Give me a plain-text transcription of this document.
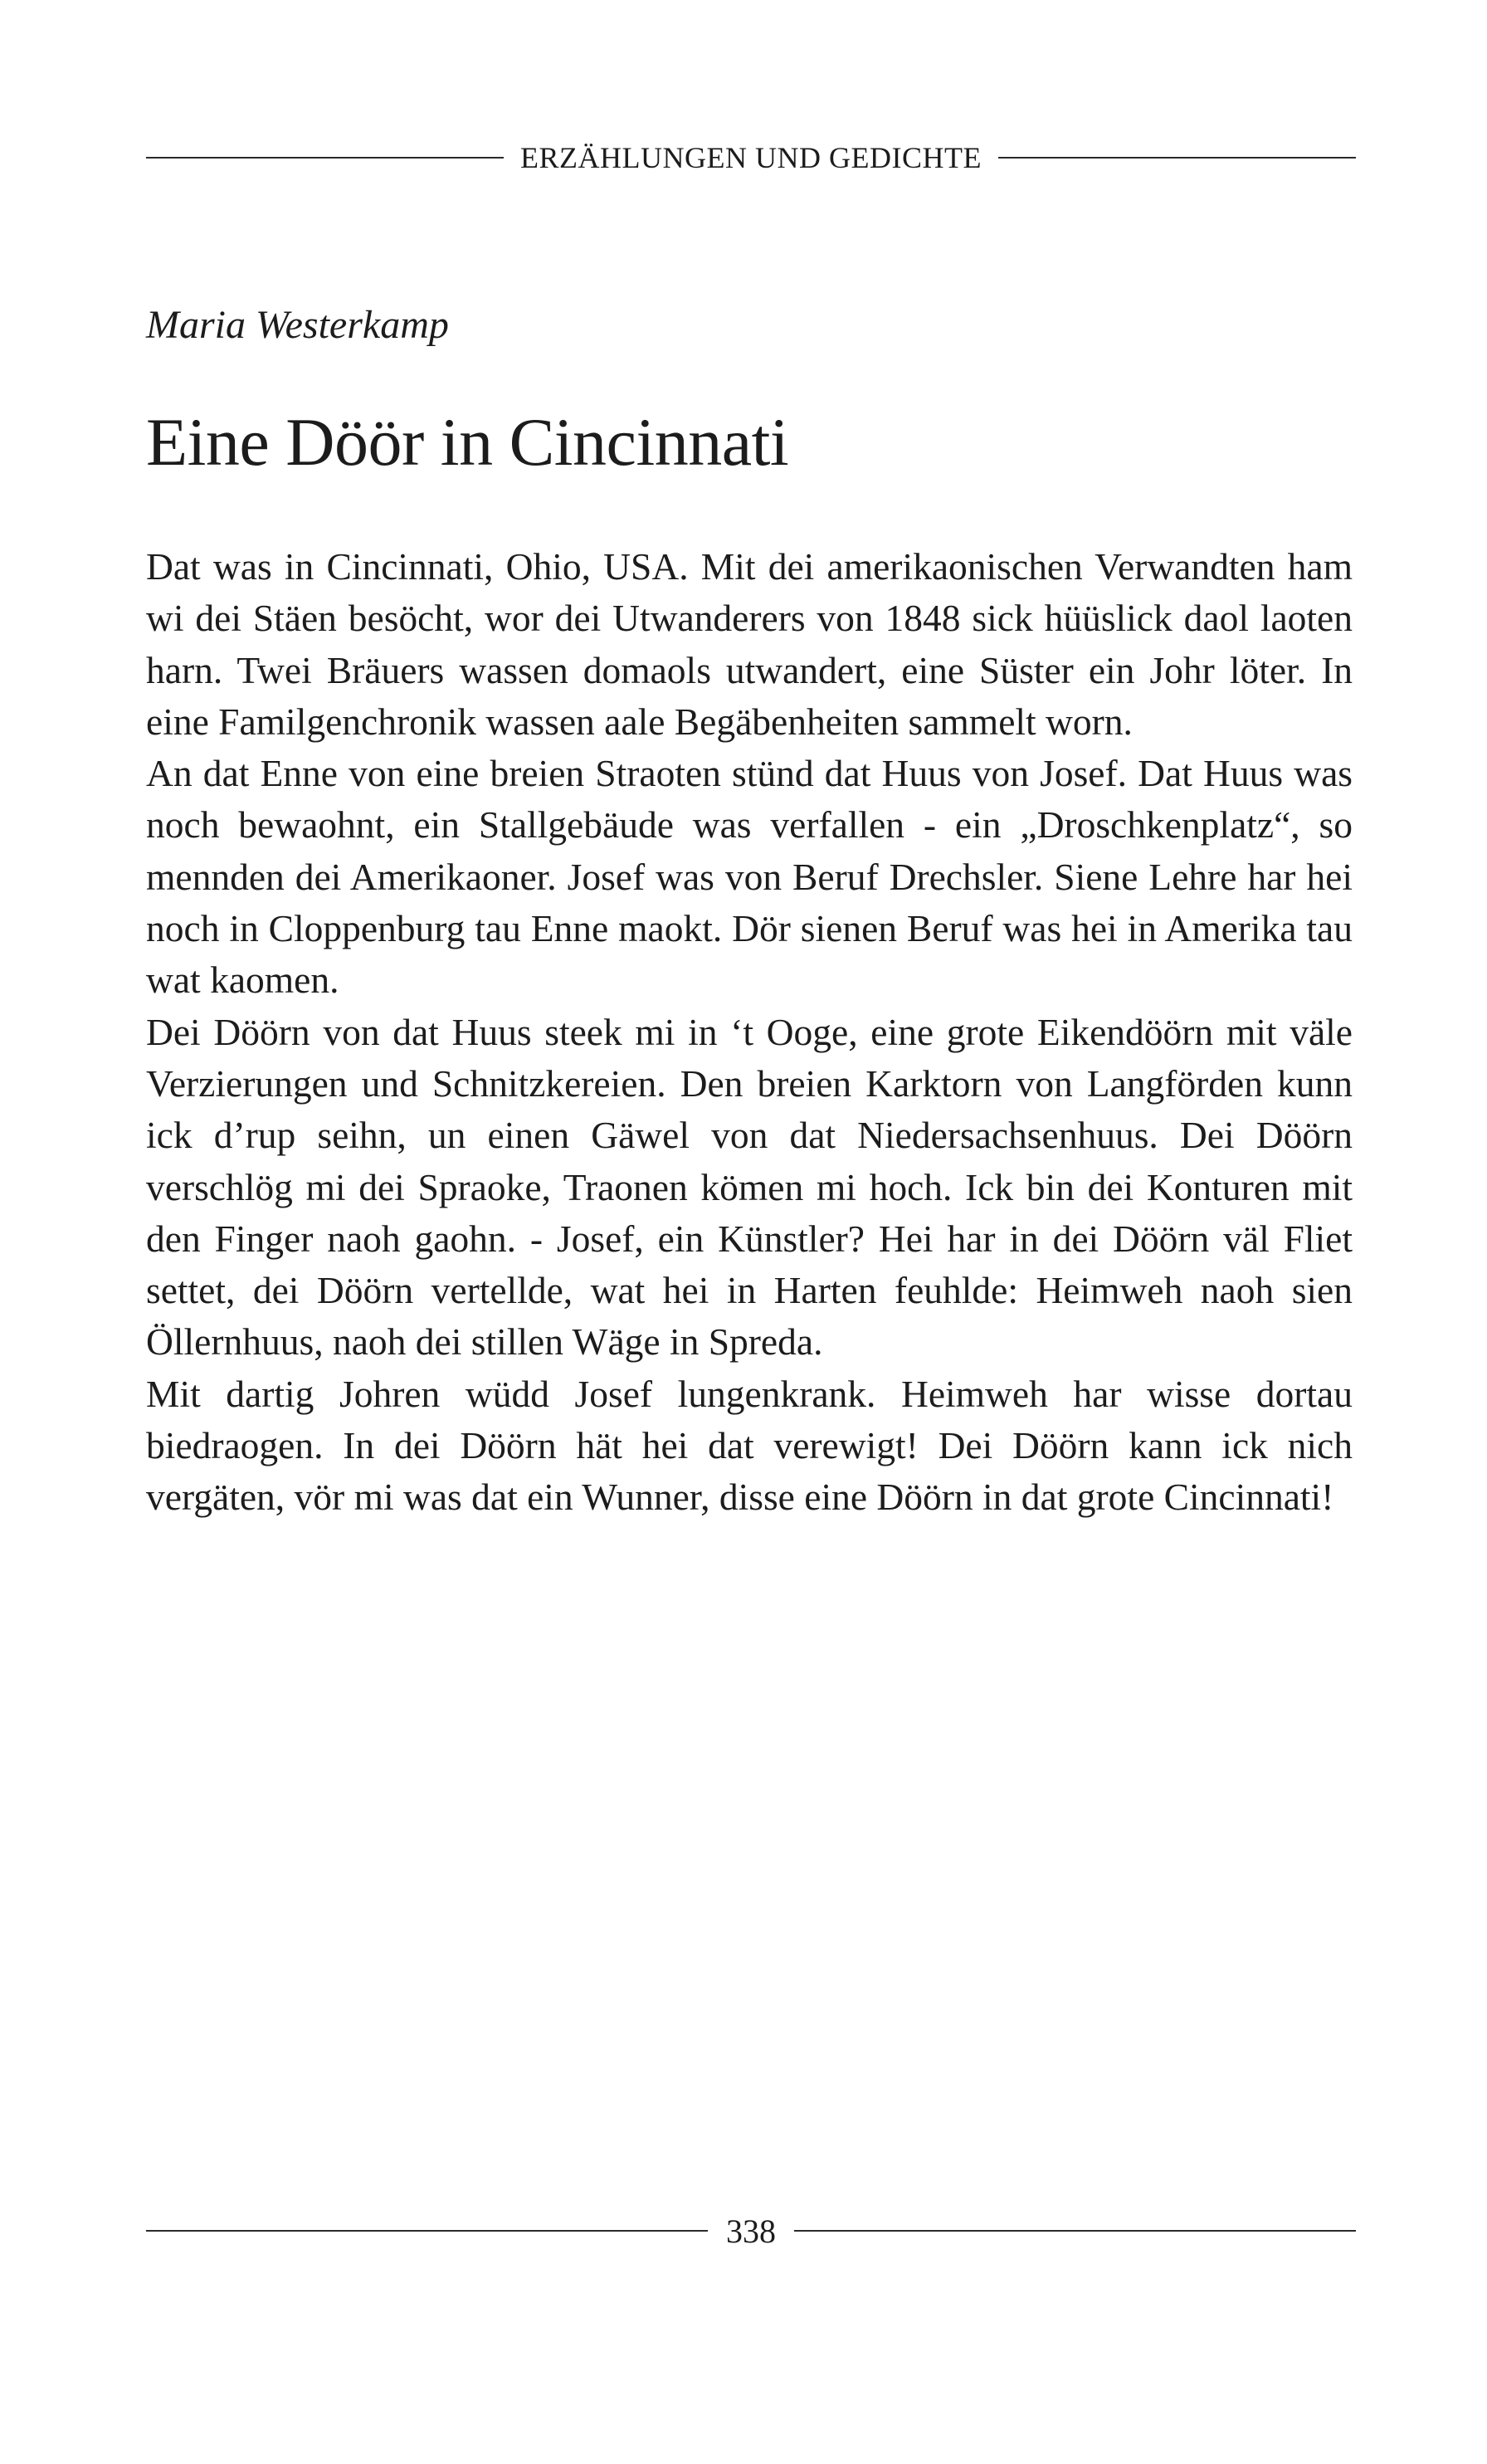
ERZÄHLUNGEN UND GEDICHTE
Maria Westerkamp
Eine Döör in Cincinnati

Dat was in Cincinnati, Ohio, USA. Mit dei amerikaonischen Verwandten ham wi dei Stäen besöcht, wor dei Utwanderers von 1848 sick hüüslick daol laoten harn. Twei Bräuers wassen domaols utwandert, eine Süster ein Johr löter. In eine Familgenchronik wassen aale Begäbenheiten sammelt worn.

An dat Enne von eine breien Straoten stünd dat Huus von Josef. Dat Huus was noch bewaohnt, ein Stallgebäude was verfallen - ein „Droschkenplatz“, so mennden dei Amerikaoner. Josef was von Beruf Drechsler. Siene Lehre har hei noch in Cloppenburg tau Enne maokt. Dör sienen Beruf was hei in Amerika tau wat kaomen.

Dei Döörn von dat Huus steek mi in ‘t Ooge, eine grote Eikendöörn mit väle Verzierungen und Schnitzkereien. Den breien Karktorn von Langförden kunn ick d’rup seihn, un einen Gäwel von dat Niedersachsenhuus. Dei Döörn verschlög mi dei Spraoke, Traonen kömen mi hoch. Ick bin dei Konturen mit den Finger naoh gaohn. - Josef, ein Künstler? Hei har in dei Döörn väl Fliet settet, dei Döörn vertellde, wat hei in Harten feuhlde: Heimweh naoh sien Öllernhuus, naoh dei stillen Wäge in Spreda.

Mit dartig Johren wüdd Josef lungenkrank. Heimweh har wisse dortau biedraogen. In dei Döörn hät hei dat verewigt! Dei Döörn kann ick nich vergäten, vör mi was dat ein Wunner, disse eine Döörn in dat grote Cincinnati!

338
